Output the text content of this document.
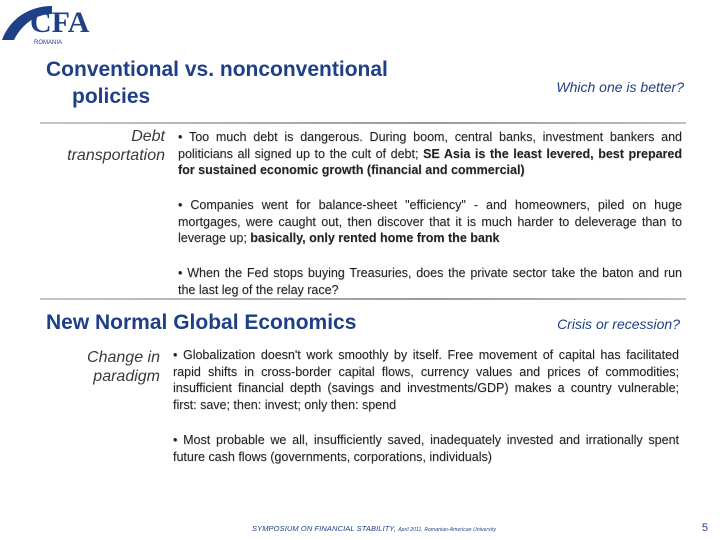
CFA
ROMANIA
Conventional vs. nonconventional
policies	Which one is better?
Debt
transportation
• Too much debt is dangerous. During boom, central banks, investment bankers and politicians all signed up to the cult of debt; SE Asia is the least levered, best prepared for sustained economic growth (financial and commercial)
• Companies went for balance-sheet "efficiency" - and homeowners, piled on huge mortgages, were caught out, then discover that it is much harder to deleverage than to leverage up; basically, only rented home from the bank
• When the Fed stops buying Treasuries, does the private sector take the baton and run the last leg of the relay race?
New Normal Global Economics	Crisis or recession?
Change in
paradigm
• Globalization doesn't work smoothly by itself. Free movement of capital has facilitated rapid shifts in cross-border capital flows, currency values and prices of commodities; insufficient financial depth (savings and investments/GDP) makes a country vulnerable; first: save; then: invest; only then: spend
• Most probable we all, insufficiently saved, inadequately invested and irrationally spent future cash flows (governments, corporations, individuals)
SYMPOSIUM ON FINANCIAL STABILITY, April 2011, Romanian-American University	5
